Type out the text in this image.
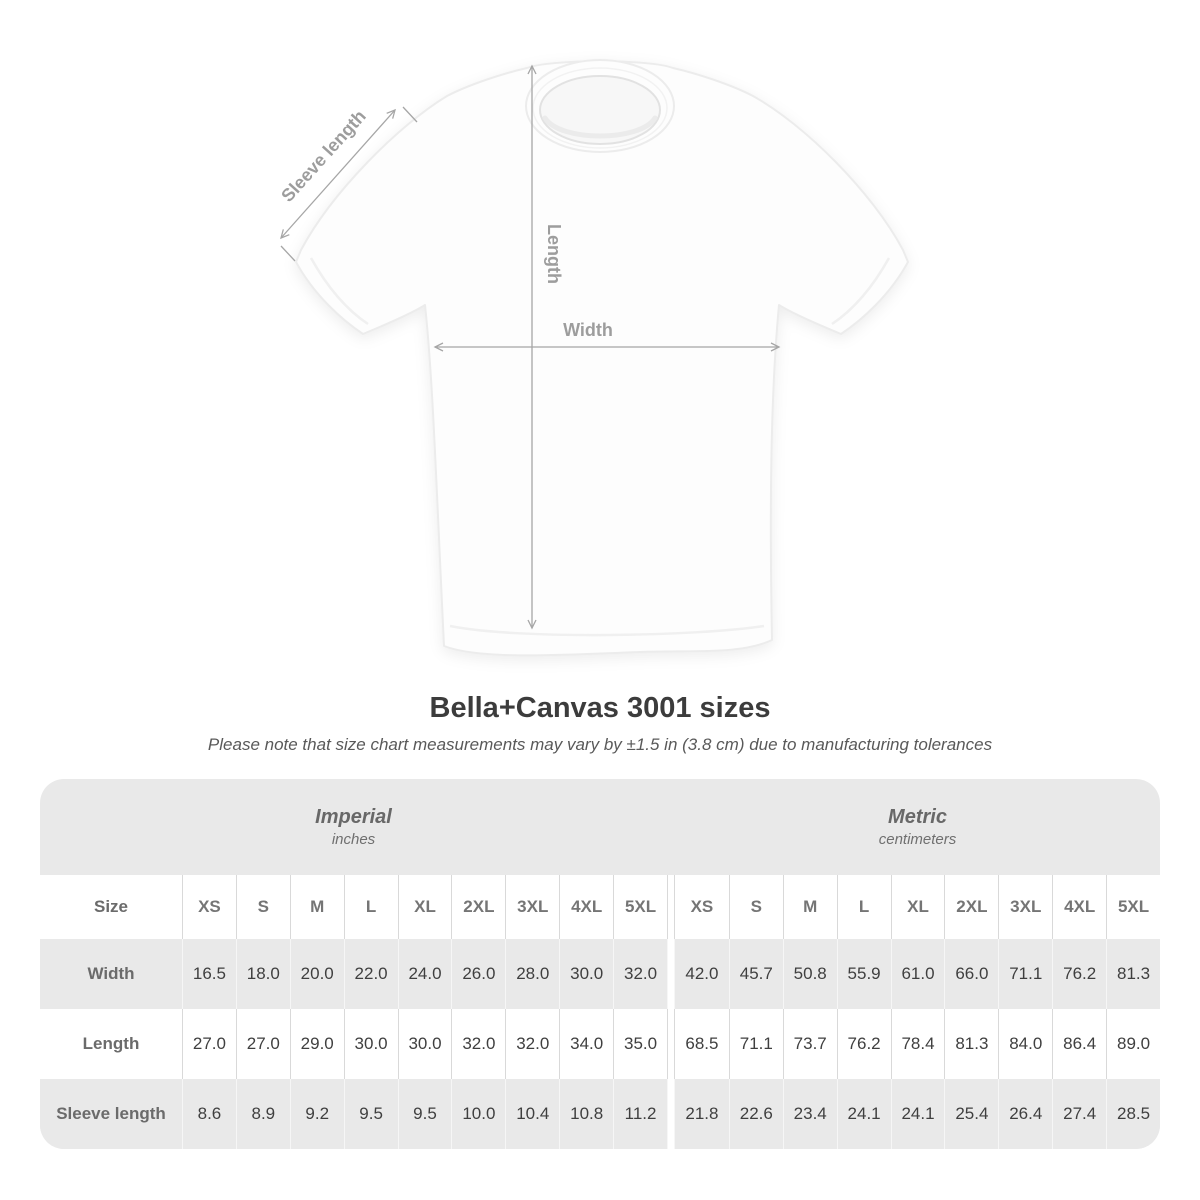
Sleeve length
Length
Width
Bella+Canvas 3001 sizes
Please note that size chart measurements may vary by ±1.5 in (3.8 cm) due to manufacturing tolerances
Imperial
inches
Metric
centimeters
Size	XS	S	M	L	XL	2XL	3XL	4XL	5XL	XS	S	M	L	XL	2XL	3XL	4XL	5XL
Width	16.5	18.0	20.0	22.0	24.0	26.0	28.0	30.0	32.0	42.0	45.7	50.8	55.9	61.0	66.0	71.1	76.2	81.3
Length	27.0	27.0	29.0	30.0	30.0	32.0	32.0	34.0	35.0	68.5	71.1	73.7	76.2	78.4	81.3	84.0	86.4	89.0
Sleeve length	8.6	8.9	9.2	9.5	9.5	10.0	10.4	10.8	11.2	21.8	22.6	23.4	24.1	24.1	25.4	26.4	27.4	28.5
